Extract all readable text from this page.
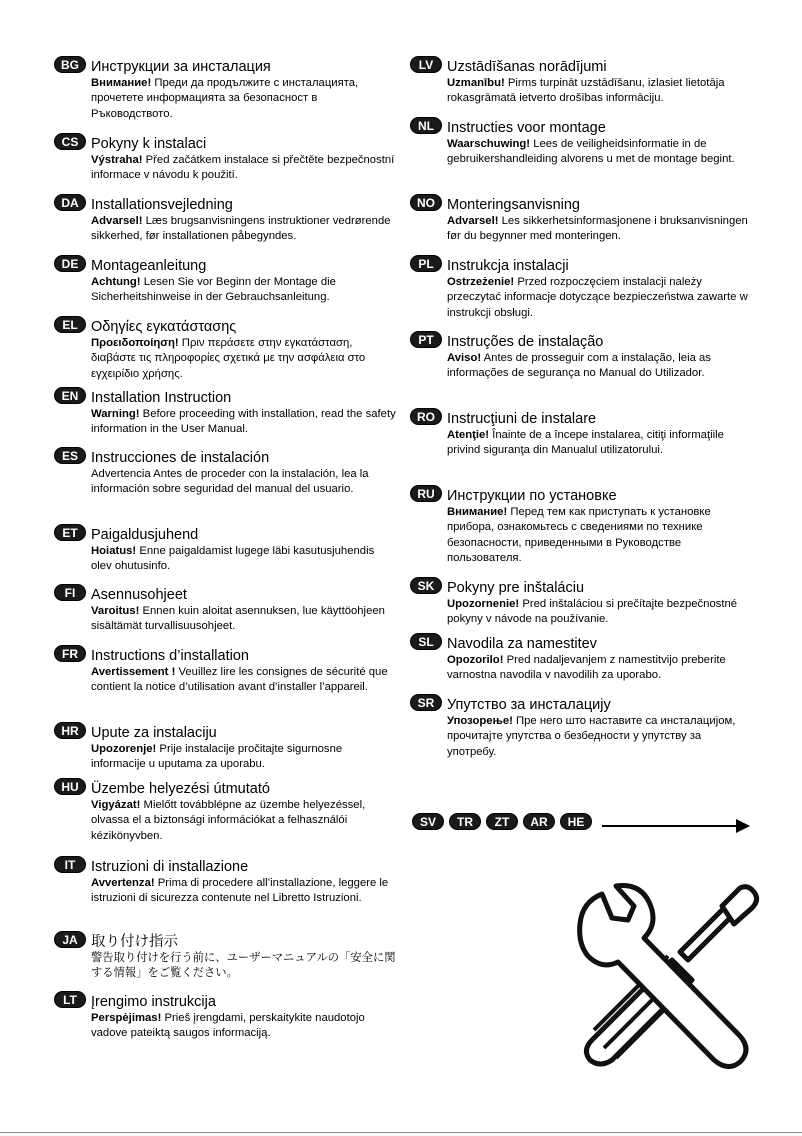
BG Инструкции за инсталация

Внимание! Преди да продължите с инсталацията, прочетете информацията за безопасност в Ръководството.

CS Pokyny k instalaci

Výstraha! Před začátkem instalace si přečtěte bezpečnostní informace v návodu k použití.

DA Installationsvejledning

Advarsel! Læs brugsanvisningens instruktioner vedrørende sikkerhed, før installationen påbegyndes.

DE Montageanleitung

Achtung! Lesen Sie vor Beginn der Montage die Sicherheitshinweise in der Gebrauchsanleitung.

EL Οδηγίες εγκατάστασης

Προειδοποίηση! Πριν περάσετε στην εγκατάσταση, διαβάστε τις πληροφορίες σχετικά με την ασφάλεια στο εγχειρίδιο χρήσης.

EN Installation Instruction

Warning! Before proceeding with installation, read the safety information in the User Manual.

ES Instrucciones de instalación

Advertencia Antes de proceder con la instalación, lea la información sobre seguridad del manual del usuario.

ET Paigaldusjuhend

Hoiatus! Enne paigaldamist lugege läbi kasutusjuhendis olev ohutusinfo.

FI	Asennusohjeet

Varoitus! Ennen kuin aloitat asennuksen, lue käyttöohjeen sisältämät turvallisuusohjeet.

FR Instructions d’installation

Avertissement ! Veuillez lire les consignes de sécurité que contient la notice d’utilisation avant d’installer l’appareil.

HR Upute za instalaciju

Upozorenje! Prije instalacije pročitajte sigurnosne informacije u uputama za uporabu.

HU Üzembe helyezési útmutató

Vigyázat! Mielőtt továbblépne az üzembe helyezéssel, olvassa el a biztonsági információkat a felhasználói kézikönyvben.

IT	Istruzioni di installazione

Avvertenza! Prima di procedere all’installazione, leggere le istruzioni di sicurezza contenute nel Libretto Istruzioni.

JA 取り付け指示

警告取り付けを行う前に、ユーザーマニュアルの「安全に関する情報」をご覧ください。

LT Įrengimo instrukcija

Perspėjimas! Prieš įrengdami, perskaitykite naudotojo vadove pateiktą saugos informaciją.

LV Uzstādīšanas norādījumi

Uzmanību! Pirms turpināt uzstādīšanu, izlasiet lietotāja rokasgrāmatā ietverto drošības informāciju.

NL Instructies voor montage

Waarschuwing! Lees de veiligheidsinformatie in de gebruikershandleiding alvorens u met de montage begint.

NO Monteringsanvisning

Advarsel! Les sikkerhetsinformasjonene i bruksanvisningen før du begynner med monteringen.

PL Instrukcja instalacji

Ostrzeżenie! Przed rozpoczęciem instalacji należy przeczytać informacje dotyczące bezpieczeństwa zawarte w instrukcji obsługi.

PT Instruções de instalação

Aviso! Antes de prosseguir com a instalação, leia as informações de segurança no Manual do Utilizador.

RO Instrucţiuni de instalare

Atenţie! Înainte de a începe instalarea, citiţi informaţiile privind siguranţa din Manualul utilizatorului.

RU Инструкции по установке

Внимание! Перед тем как приступать к установке прибора, ознакомьтесь с сведениями по технике безопасности, приведенными в Руководстве пользователя.

SK Pokyny pre inštaláciu

Upozornenie! Pred inštaláciou si prečítajte bezpečnostné pokyny v návode na používanie.

SL Navodila za namestitev

Opozorilo! Pred nadaljevanjem z namestitvijo preberite varnostna navodila v navodilih za uporabo.

SR Упутство за инсталацију

Упозорење! Пре него што наставите са инсталацијом, прочитајте упутства о безбедности у упутству за употребу.

SV	TR	ZT	AR	HE
